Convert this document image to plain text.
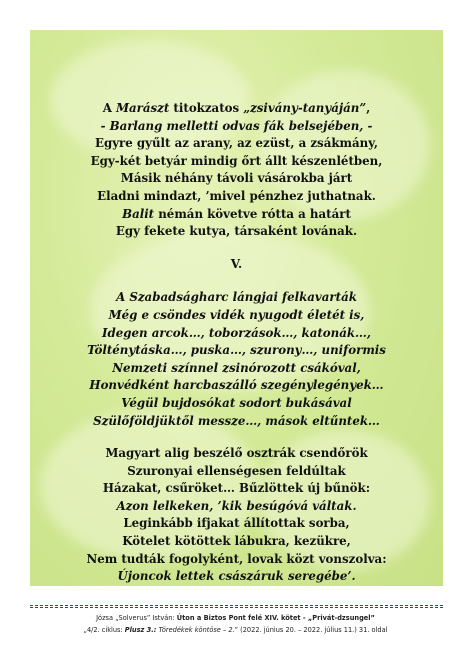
A Marászt titokzatos „zsivány-tanyáján”,
- Barlang melletti odvas fák belsejében, -
Egyre gyűlt az arany, az ezüst, a zsákmány,
Egy-két betyár mindig őrt állt készenlétben,
Másik néhány távoli vásárokba járt
Eladni mindazt, ’mivel pénzhez juthatnak.
Balit némán követve rótta a határt
Egy fekete kutya, társaként lovának.
V.
A Szabadságharc lángjai felkavarták
Még e csöndes vidék nyugodt életét is,
Idegen arcok…, toborzások…, katonák…,
Tölténytáska…, puska…, szurony…, uniformis
Nemzeti színnel zsinórozott csákóval,
Honvédként harcbaszálló szegénylegények…
Végül bujdosókat sodort bukásával
Szülőföldjüktől messze…, mások eltűntek…
Magyart alig beszélő osztrák csendőrök
Szuronyai ellenségesen feldúltak
Házakat, csűröket… Bűzlöttek új bűnök:
Azon lelkeken, ’kik besúgóvá váltak.
Leginkább ifjakat állítottak sorba,
Kötelet kötöttek lábukra, kezükre,
Nem tudták fogolyként, lovak közt vonszolva:
Újoncok lettek császáruk seregébe’.
Józsa „Solverus” István: Úton a Biztos Pont felé XIV. kötet - „Privát-dzsungel”
„4/2. ciklus: Plusz 3.: Töredékek köntöse – 2.” (2022. június 20. – 2022. július 11.) 31. oldal
